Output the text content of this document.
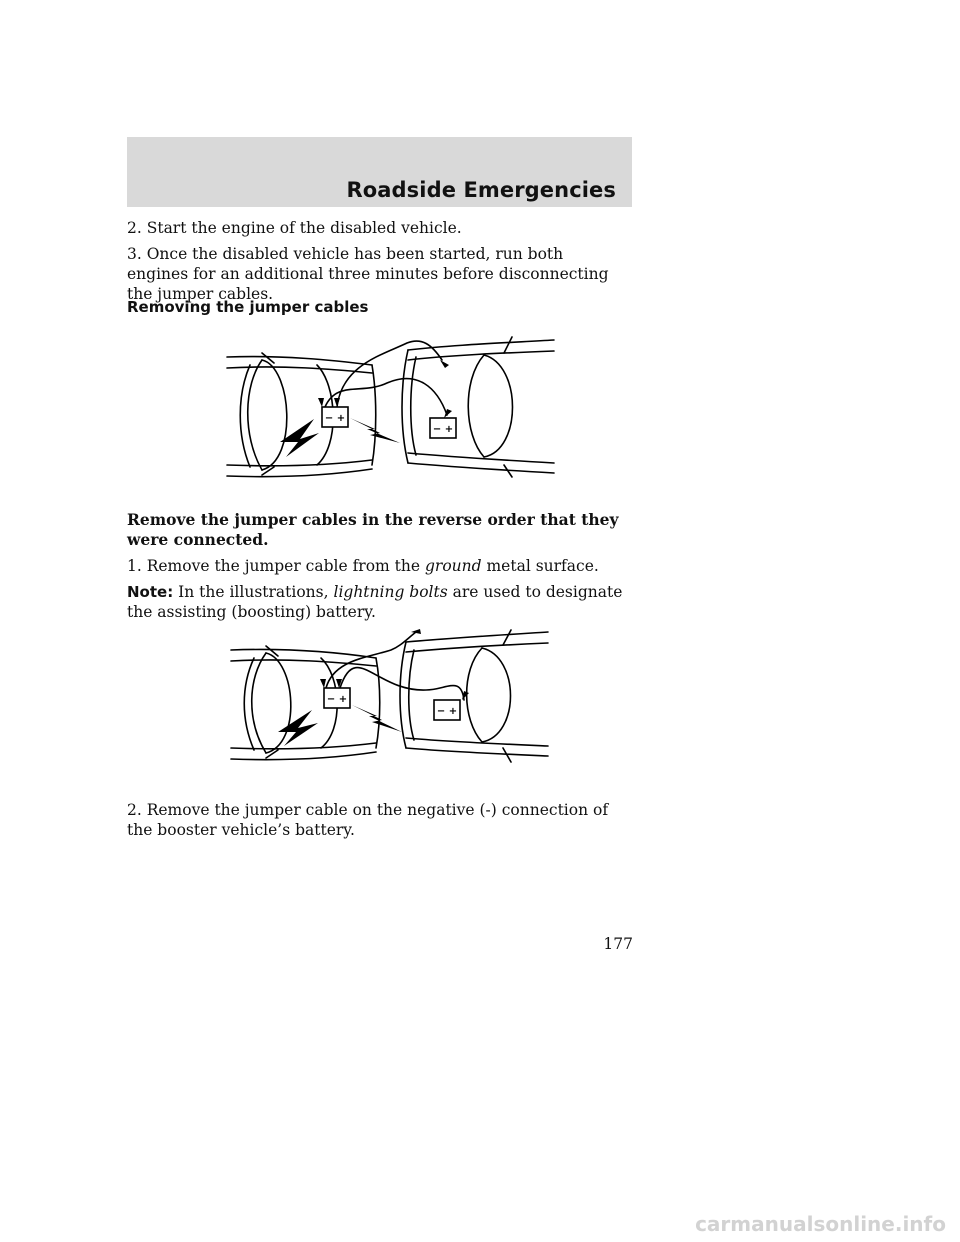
Roadside Emergencies

2. Start the engine of the disabled vehicle.

3. Once the disabled vehicle has been started, run both engines for an additional three minutes before disconnecting the jumper cables.

Removing the jumper cables

− +
− +

Remove the jumper cables in the reverse order that they were connected.

1. Remove the jumper cable from the ground metal surface.

Note: In the illustrations, lightning bolts are used to designate the assisting (boosting) battery.

− +
− +

2. Remove the jumper cable on the negative (-) connection of the booster vehicle’s battery.

177
carmanualsonline.info
